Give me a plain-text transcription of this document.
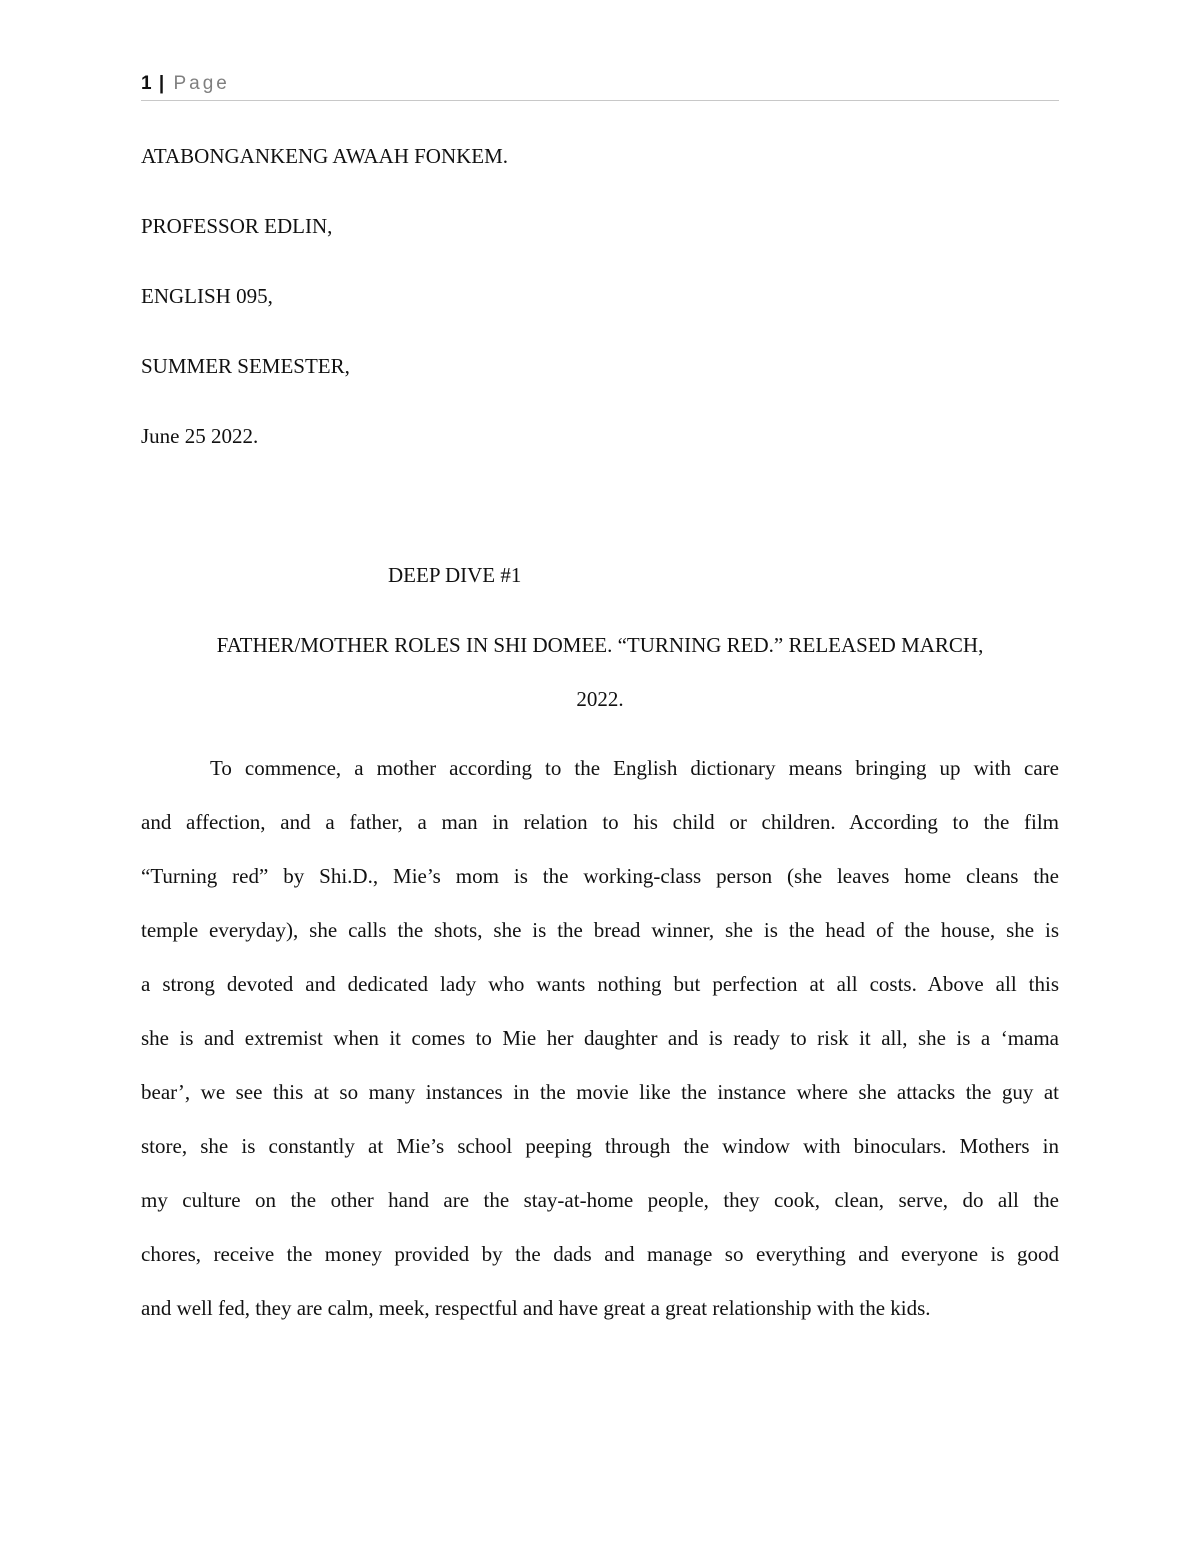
1 | Page
ATABONGANKENG AWAAH FONKEM.
PROFESSOR EDLIN,
ENGLISH 095,
SUMMER SEMESTER,
June 25 2022.
DEEP DIVE #1
FATHER/MOTHER ROLES IN SHI DOMEE. “TURNING RED.” RELEASED MARCH,
2022.
To commence, a mother according to the English dictionary means bringing up with care
and affection, and a father, a man in relation to his child or children. According to the film
“Turning red” by Shi.D., Mie’s mom is the working-class person (she leaves home cleans the
temple everyday), she calls the shots, she is the bread winner, she is the head of the house, she is
a strong devoted and dedicated lady who wants nothing but perfection at all costs. Above all this
she is and extremist when it comes to Mie her daughter and is ready to risk it all, she is a ‘mama
bear’, we see this at so many instances in the movie like the instance where she attacks the guy at
store, she is constantly at Mie’s school peeping through the window with binoculars. Mothers in
my culture on the other hand are the stay-at-home people, they cook, clean, serve, do all the
chores, receive the money provided by the dads and manage so everything and everyone is good
and well fed, they are calm, meek, respectful and have great a great relationship with the kids.
